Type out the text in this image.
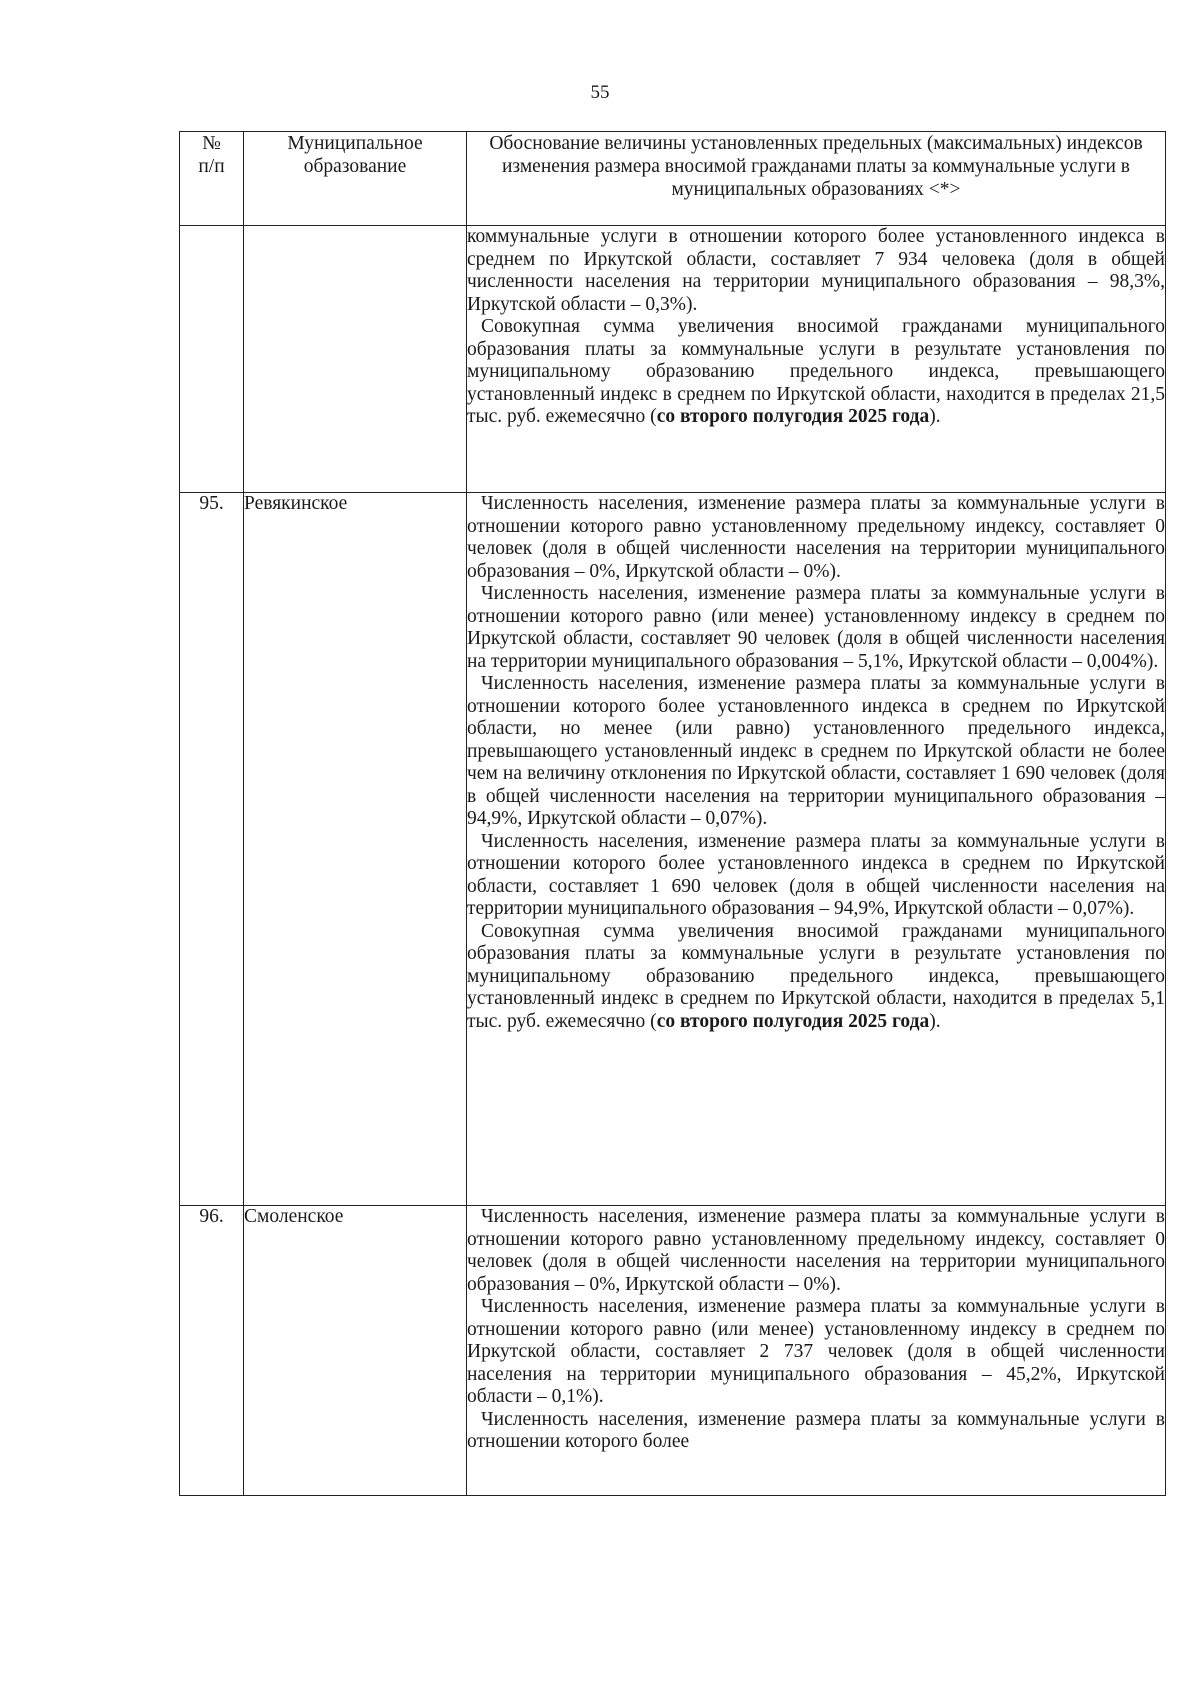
55
№ п/п	Муниципальное образование	Обоснование величины установленных предельных (максимальных) индексов изменения размера вносимой гражданами платы за коммунальные услуги в муниципальных образованиях <*>

		коммунальные услуги в отношении которого более установленного индекса в среднем по Иркутской области, составляет 7 934 человека (доля в общей численности населения на территории муниципального образования – 98,3%, Иркутской области – 0,3%).

Совокупная сумма увеличения вносимой гражданами муниципального образования платы за коммунальные услуги в результате установления по муниципальному образованию предельного индекса, превышающего установленный индекс в среднем по Иркутской области, находится в пределах 21,5 тыс. руб. ежемесячно (со второго полугодия 2025 года).

95.	Ревякинское	Численность населения, изменение размера платы за коммунальные услуги в отношении которого равно установленному предельному индексу, составляет 0 человек (доля в общей численности населения на территории муниципального образования – 0%, Иркутской области – 0%).

Численность населения, изменение размера платы за коммунальные услуги в отношении которого равно (или менее) установленному индексу в среднем по Иркутской области, составляет 90 человек (доля в общей численности населения на территории муниципального образования – 5,1%, Иркутской области – 0,004%).

Численность населения, изменение размера платы за коммунальные услуги в отношении которого более установленного индекса в среднем по Иркутской области, но менее (или равно) установленного предельного индекса, превышающего установленный индекс в среднем по Иркутской области не более чем на величину отклонения по Иркутской области, составляет 1 690 человек (доля в общей численности населения на территории муниципального образования – 94,9%, Иркутской области – 0,07%).

Численность населения, изменение размера платы за коммунальные услуги в отношении которого более установленного индекса в среднем по Иркутской области, составляет 1 690 человек (доля в общей численности населения на территории муниципального образования – 94,9%, Иркутской области – 0,07%).

Совокупная сумма увеличения вносимой гражданами муниципального образования платы за коммунальные услуги в результате установления по муниципальному образованию предельного индекса, превышающего установленный индекс в среднем по Иркутской области, находится в пределах 5,1 тыс. руб. ежемесячно (со второго полугодия 2025 года).

96.	Смоленское	Численность населения, изменение размера платы за коммунальные услуги в отношении которого равно установленному предельному индексу, составляет 0 человек (доля в общей численности населения на территории муниципального образования – 0%, Иркутской области – 0%).

Численность населения, изменение размера платы за коммунальные услуги в отношении которого равно (или менее) установленному индексу в среднем по Иркутской области, составляет 2 737 человек (доля в общей численности населения на территории муниципального образования – 45,2%, Иркутской области – 0,1%).

Численность населения, изменение размера платы за коммунальные услуги в отношении которого более
